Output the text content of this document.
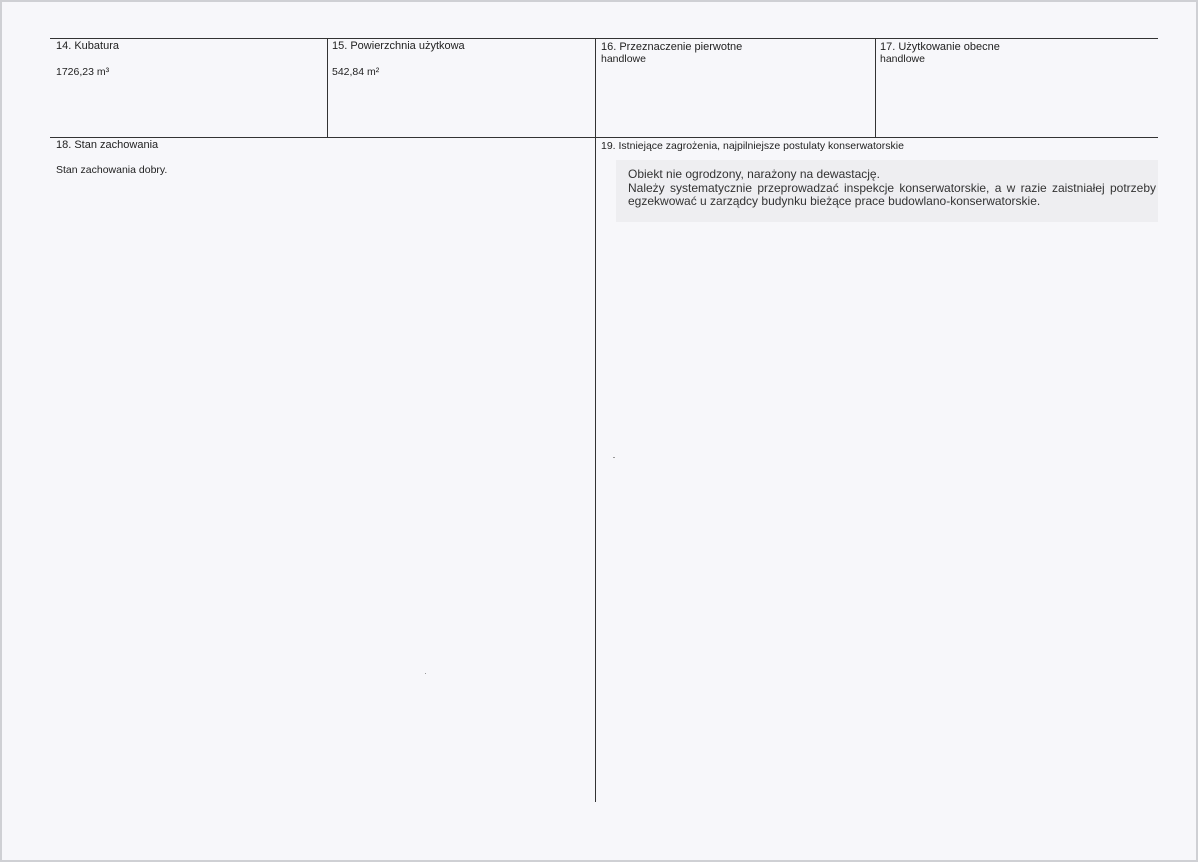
14. Kubatura
1726,23 m³
15. Powierzchnia użytkowa
542,84 m²
16. Przeznaczenie pierwotne
handlowe
17. Użytkowanie obecne
handlowe
18. Stan zachowania
Stan zachowania dobry.
19. Istniejące zagrożenia, najpilniejsze postulaty konserwatorskie

Obiekt nie ogrodzony, narażony na dewastację.

Należy systematycznie przeprowadzać inspekcje konserwatorskie, a w razie zaistniałej potrzeby egzekwować u zarządcy budynku bieżące prace budowlano-konserwatorskie.
